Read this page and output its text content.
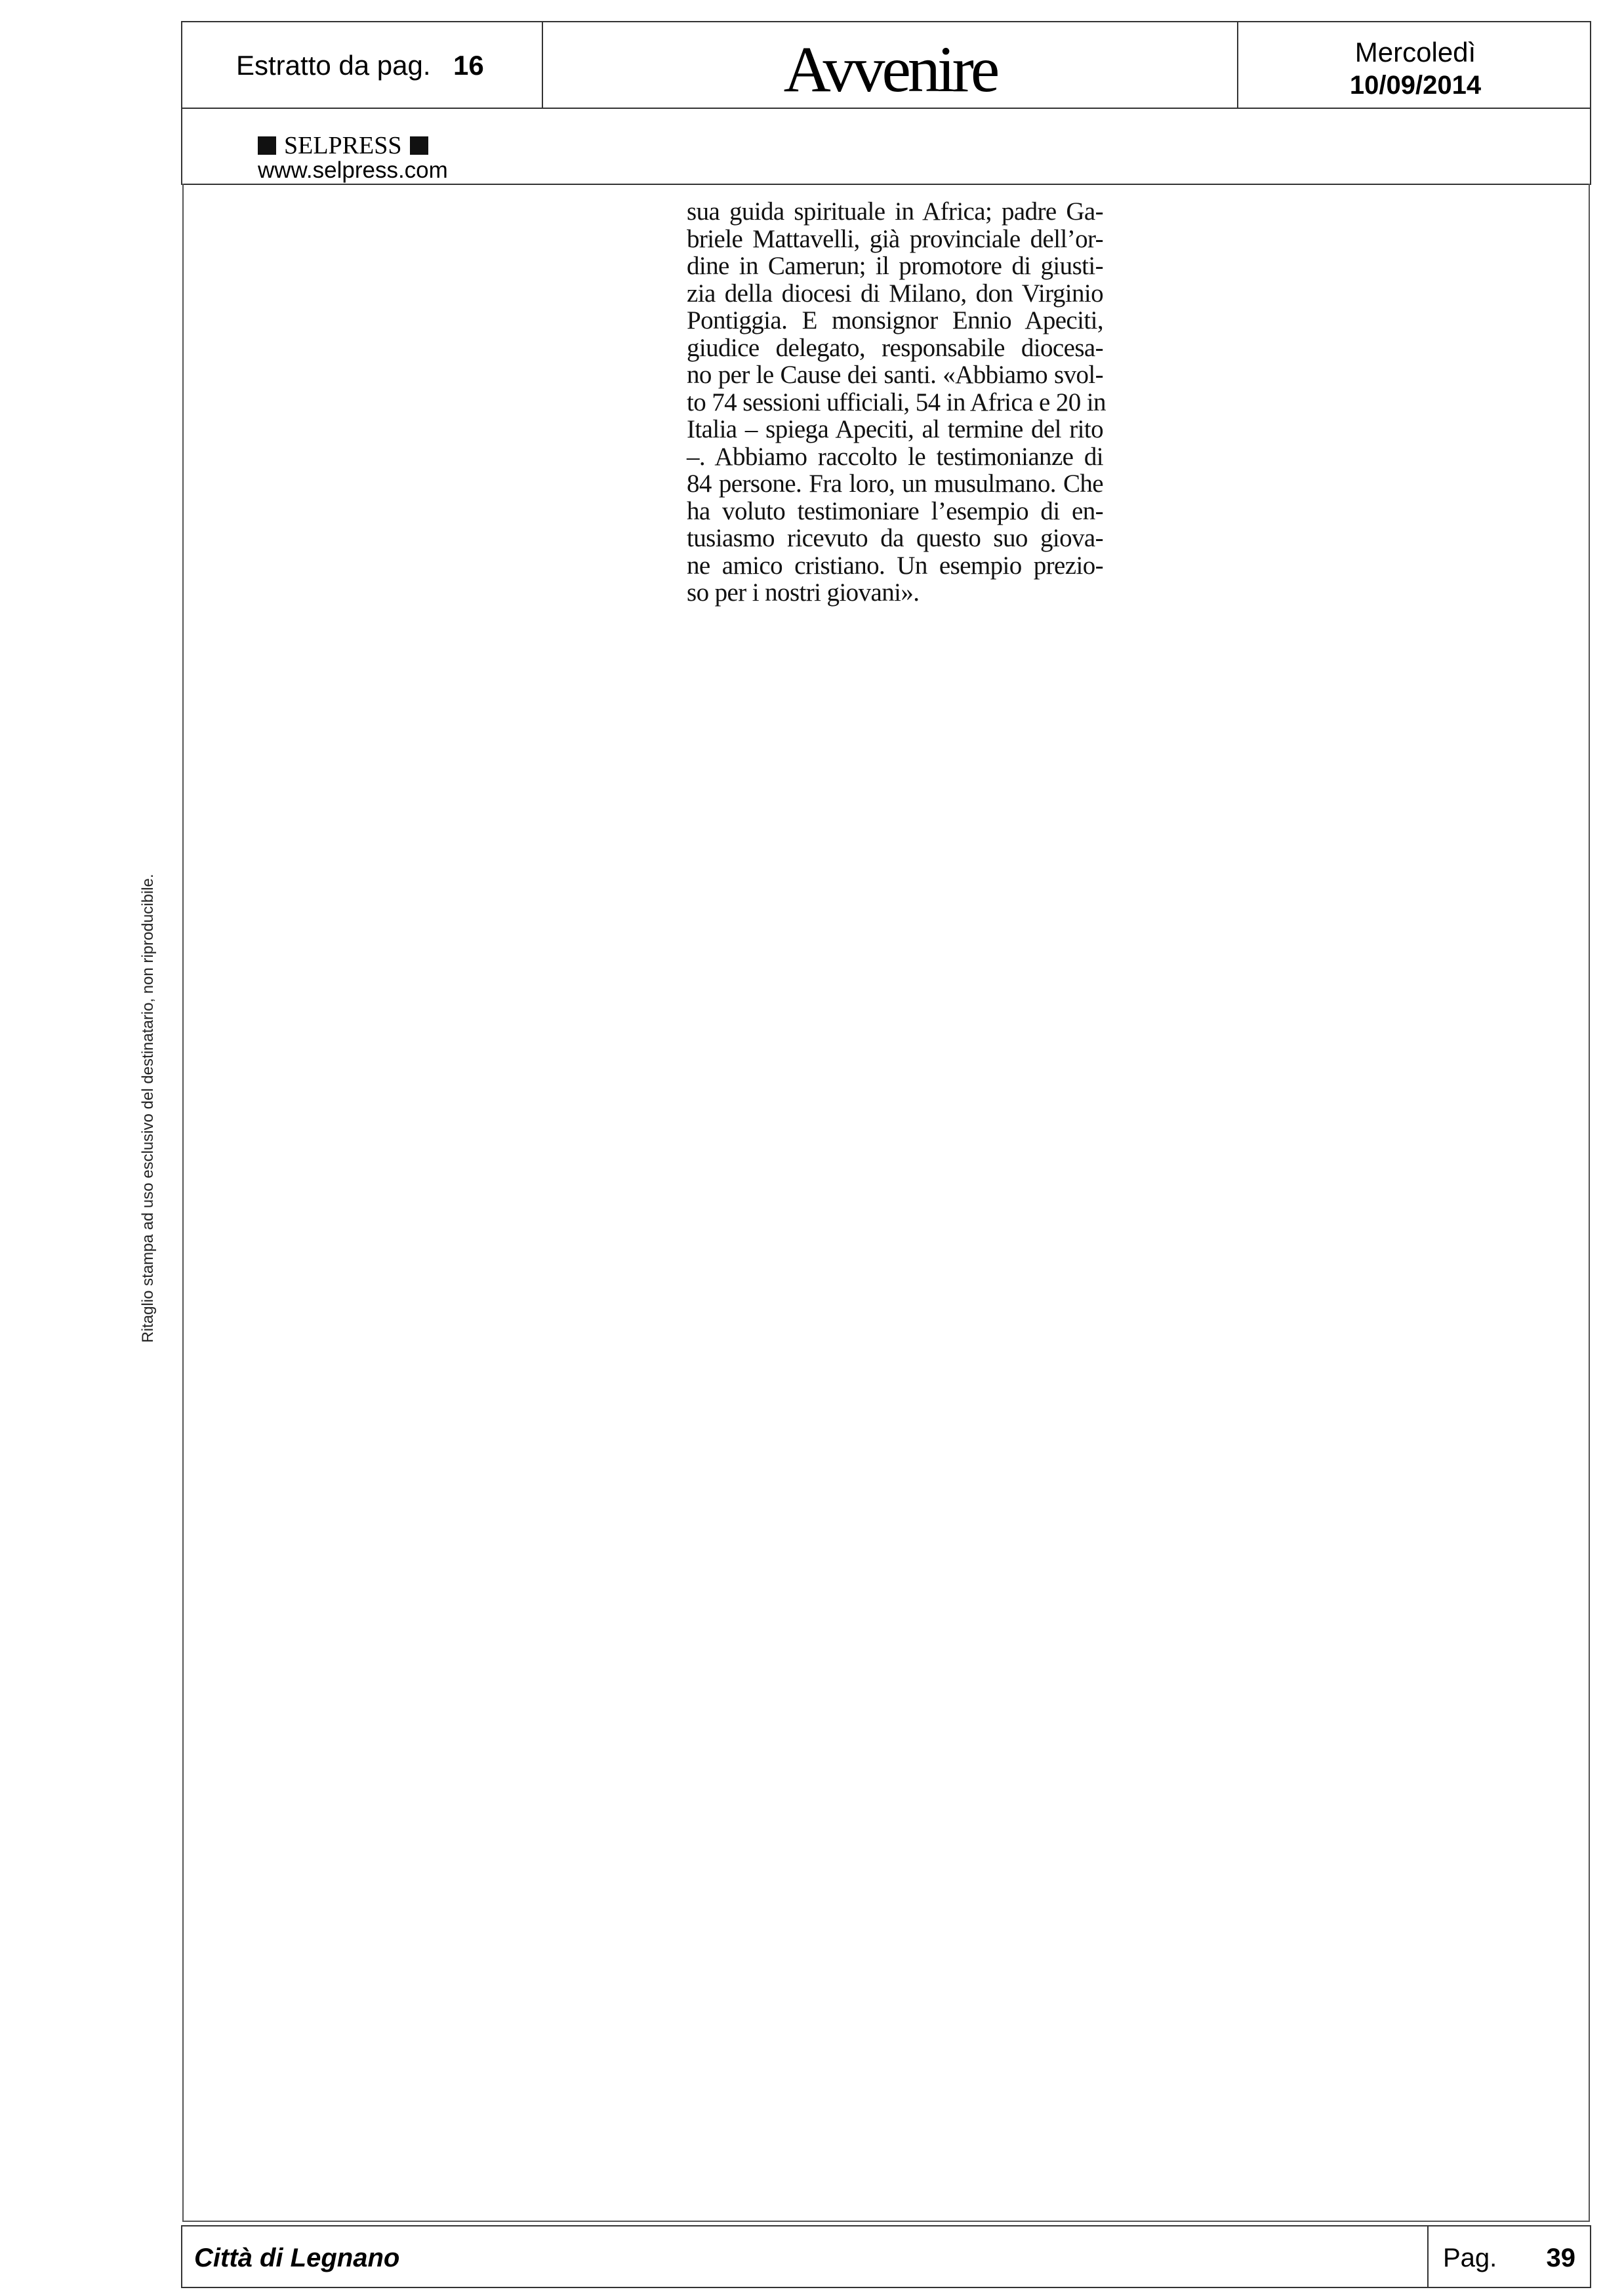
Estratto da pag. 16	Avvenire	Mercoledì
10/09/2014
SELPRESS
www.selpress.com
sua guida spirituale in Africa; padre Ga-
briele Mattavelli, già provinciale dell’or-
dine in Camerun; il promotore di giusti-
zia della diocesi di Milano, don Virginio
Pontiggia. E monsignor Ennio Apeciti,
giudice delegato, responsabile diocesa-
no per le Cause dei santi. «Abbiamo svol-
to 74 sessioni ufficiali, 54 in Africa e 20 in
Italia – spiega Apeciti, al termine del rito
–. Abbiamo raccolto le testimonianze di
84 persone. Fra loro, un musulmano. Che
ha voluto testimoniare l’esempio di en-
tusiasmo ricevuto da questo suo giova-
ne amico cristiano. Un esempio prezio-
so per i nostri giovani».
Ritaglio stampa ad uso esclusivo del destinatario, non riproducibile.
Città di Legnano	Pag. 39
